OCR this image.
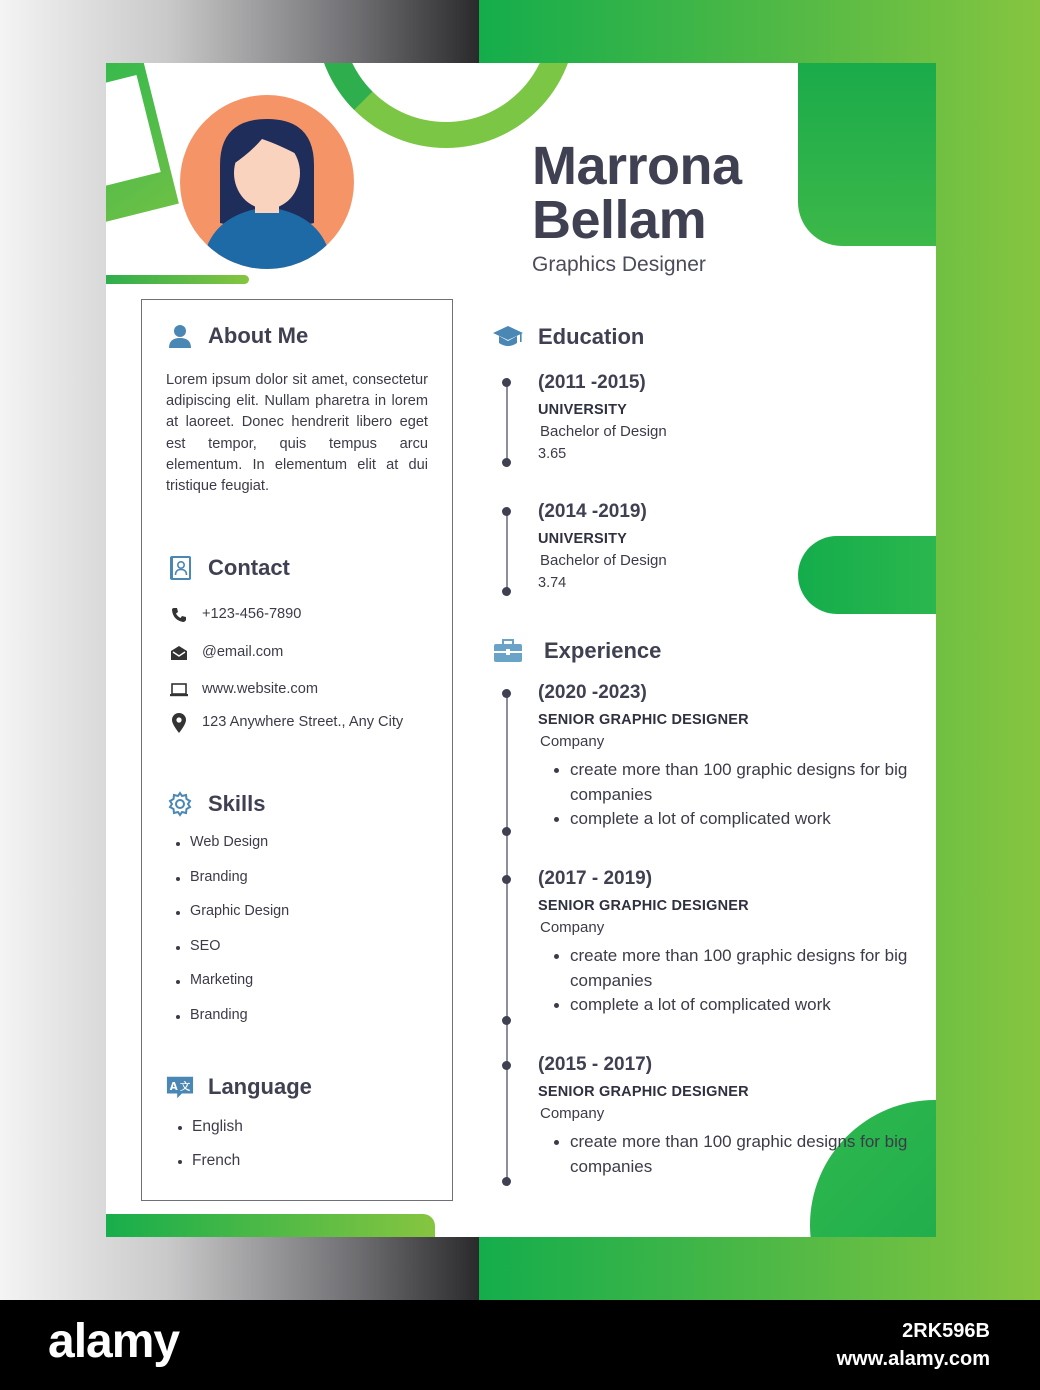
Marrona
Bellam
Graphics Designer
About Me
Lorem ipsum dolor sit amet, consectetur adipiscing elit. Nullam pharetra in lorem at laoreet. Donec hendrerit libero eget est tempor, quis tempus arcu elementum. In elementum elit at dui tristique feugiat.
Contact
+123-456-7890
@email.com
www.website.com
123 Anywhere Street., Any City
Skills
Web Design
Branding
Graphic Design
SEO
Marketing
Branding
A 文 Language
English
French
Education
(2011 -2015)
UNIVERSITY
Bachelor of Design
3.65
(2014 -2019)
UNIVERSITY
Bachelor of Design
3.74
Experience
(2020 -2023)
SENIOR GRAPHIC DESIGNER
Company
create more than 100 graphic designs for big companies
complete a lot of complicated work
(2017 - 2019)
SENIOR GRAPHIC DESIGNER
Company
create more than 100 graphic designs for big companies
complete a lot of complicated work
(2015 - 2017)
SENIOR GRAPHIC DESIGNER
Company
create more than 100 graphic designs for big companies
alamy	2RK596B
www.alamy.com
